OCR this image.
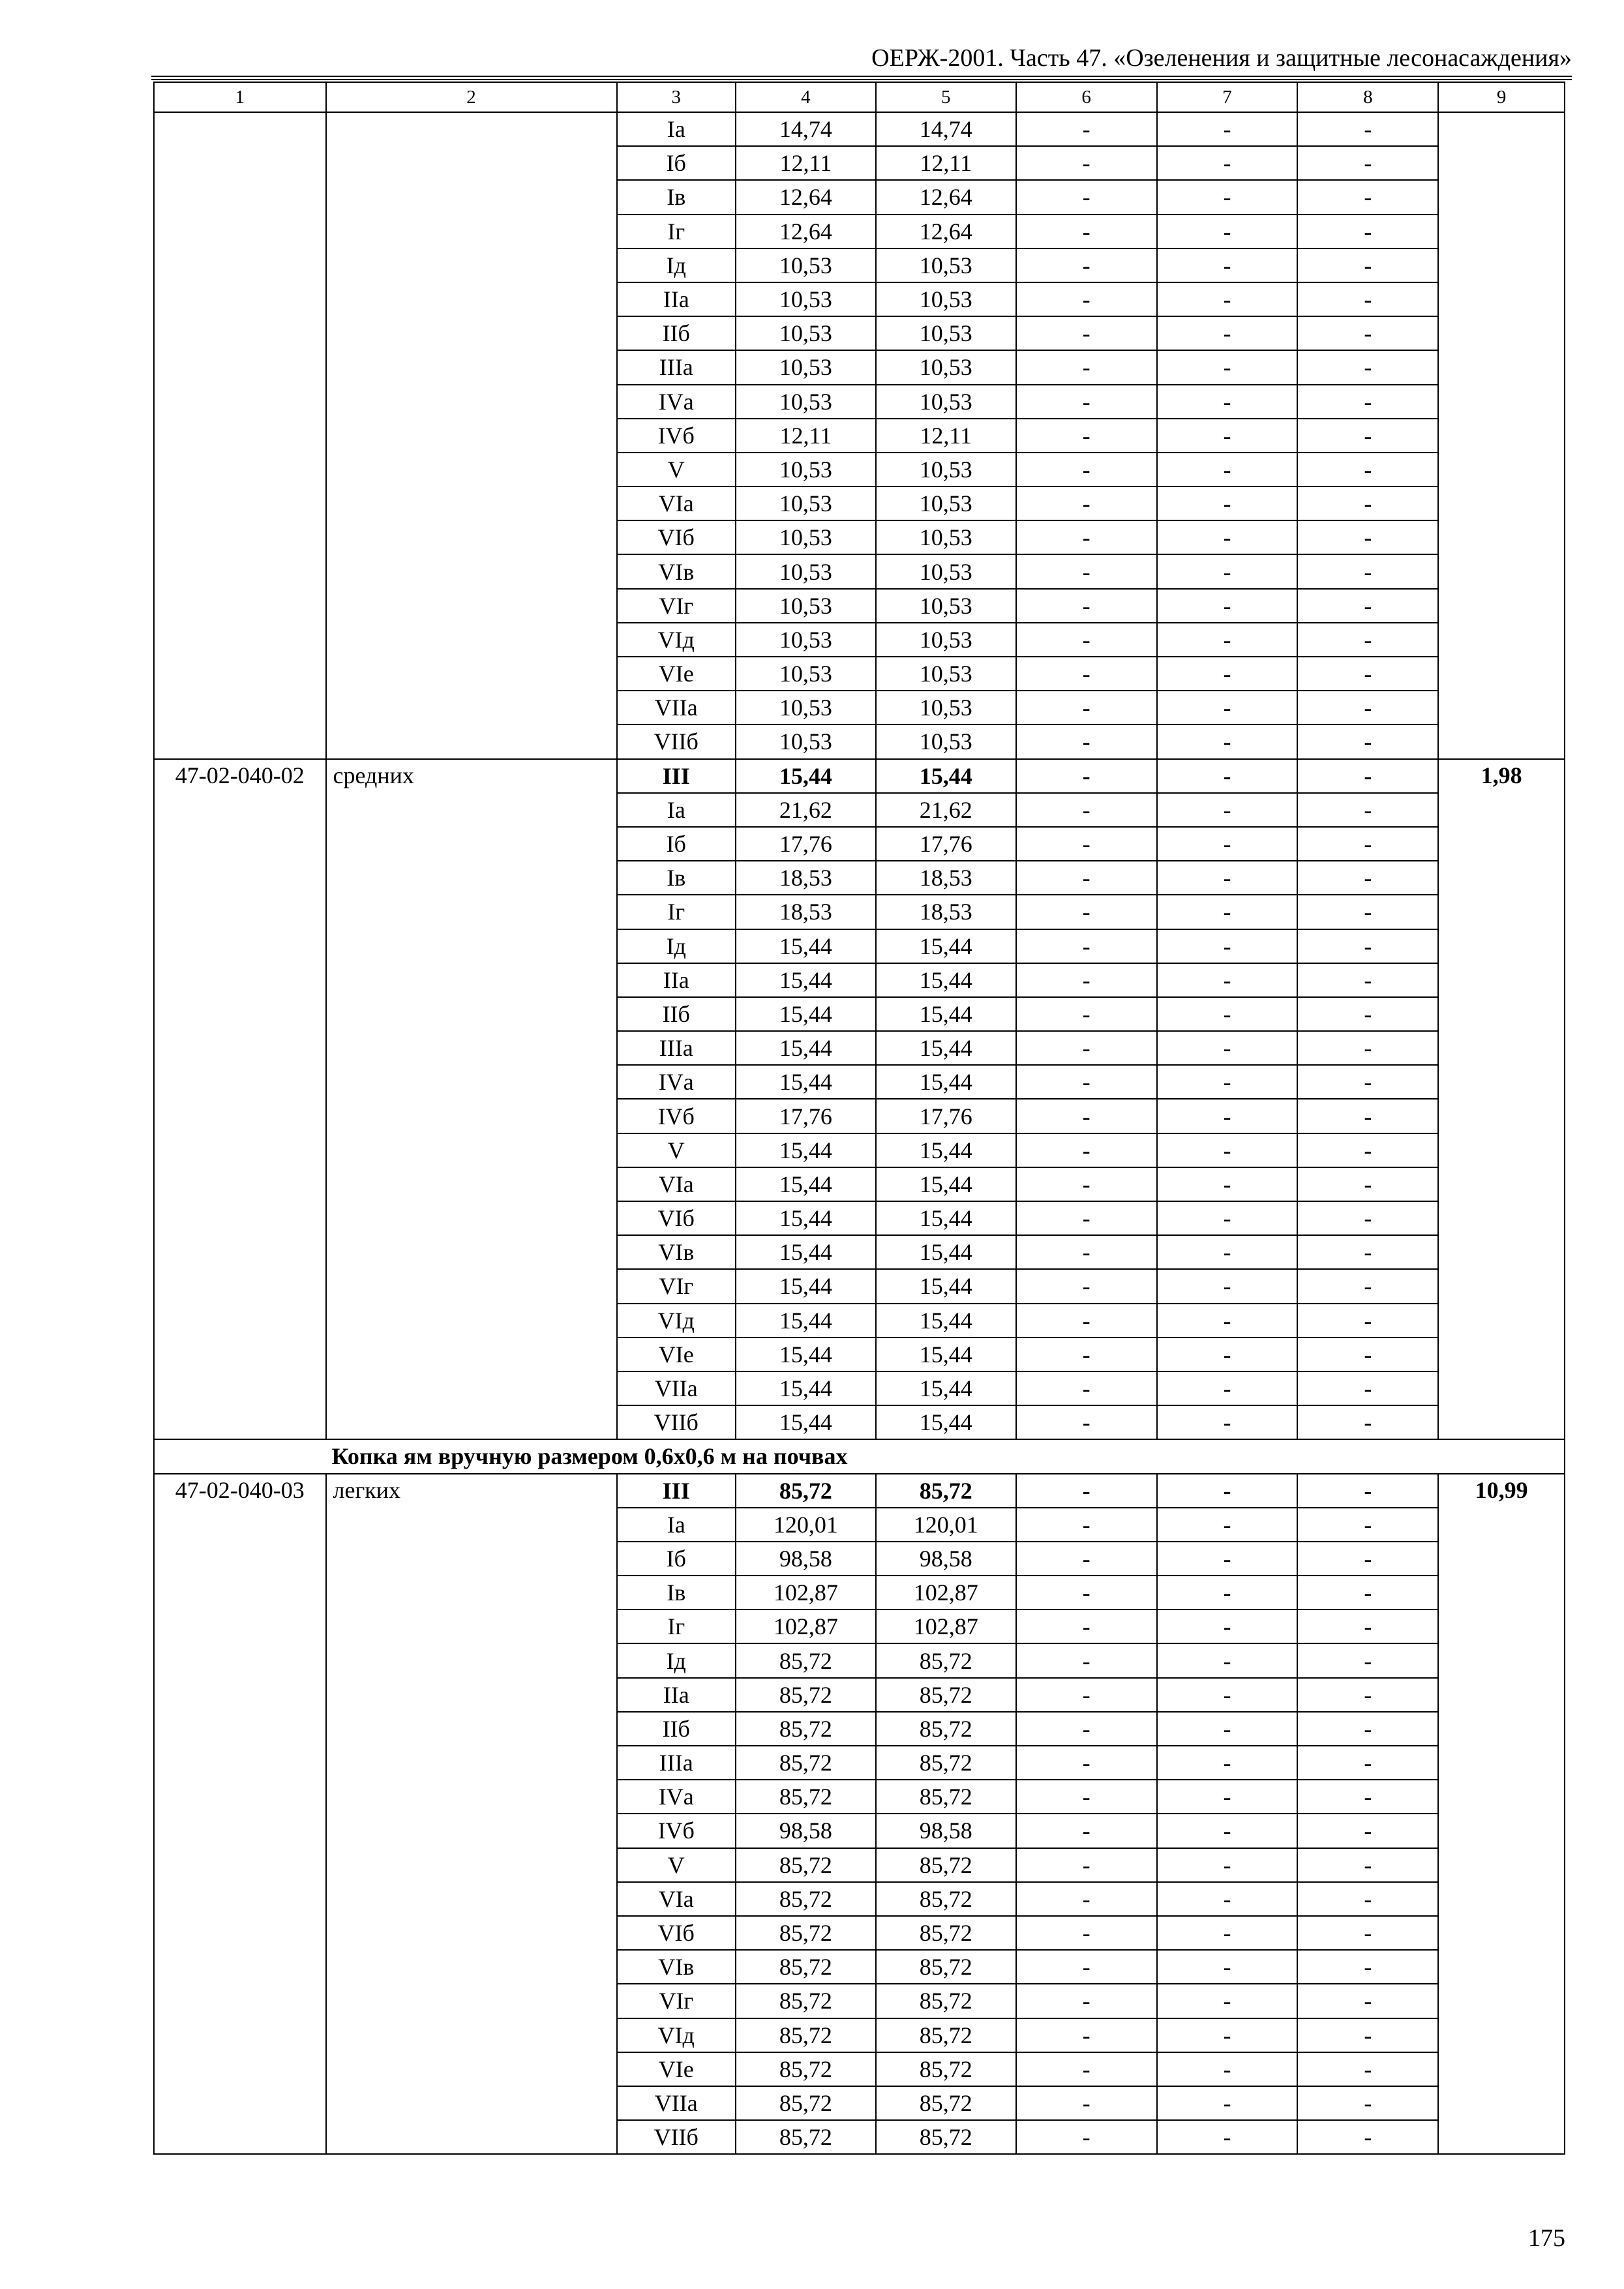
ОЕРЖ-2001. Часть 47. «Озеленения и защитные лесонасаждения»
1	2	3	4	5	6	7	8	9
		Iа	14,74	14,74	-	-	-	
		Iб	12,11	12,11	-	-	-	
		Iв	12,64	12,64	-	-	-	
		Iг	12,64	12,64	-	-	-	
		Iд	10,53	10,53	-	-	-	
		IIа	10,53	10,53	-	-	-	
		IIб	10,53	10,53	-	-	-	
		IIIа	10,53	10,53	-	-	-	
		IVа	10,53	10,53	-	-	-	
		IVб	12,11	12,11	-	-	-	
		V	10,53	10,53	-	-	-	
		VIа	10,53	10,53	-	-	-	
		VIб	10,53	10,53	-	-	-	
		VIв	10,53	10,53	-	-	-	
		VIг	10,53	10,53	-	-	-	
		VIд	10,53	10,53	-	-	-	
		VIе	10,53	10,53	-	-	-	
		VIIа	10,53	10,53	-	-	-	
		VIIб	10,53	10,53	-	-	-	
47-02-040-02	средних	III	15,44	15,44	-	-	-	1,98
		Iа	21,62	21,62	-	-	-	
		Iб	17,76	17,76	-	-	-	
		Iв	18,53	18,53	-	-	-	
		Iг	18,53	18,53	-	-	-	
		Iд	15,44	15,44	-	-	-	
		IIа	15,44	15,44	-	-	-	
		IIб	15,44	15,44	-	-	-	
		IIIа	15,44	15,44	-	-	-	
		IVа	15,44	15,44	-	-	-	
		IVб	17,76	17,76	-	-	-	
		V	15,44	15,44	-	-	-	
		VIа	15,44	15,44	-	-	-	
		VIб	15,44	15,44	-	-	-	
		VIв	15,44	15,44	-	-	-	
		VIг	15,44	15,44	-	-	-	
		VIд	15,44	15,44	-	-	-	
		VIе	15,44	15,44	-	-	-	
		VIIа	15,44	15,44	-	-	-	
		VIIб	15,44	15,44	-	-	-	
	Копка ям вручную размером 0,6х0,6 м на почвах							
47-02-040-03	легких	III	85,72	85,72	-	-	-	10,99
		Iа	120,01	120,01	-	-	-	
		Iб	98,58	98,58	-	-	-	
		Iв	102,87	102,87	-	-	-	
		Iг	102,87	102,87	-	-	-	
		Iд	85,72	85,72	-	-	-	
		IIа	85,72	85,72	-	-	-	
		IIб	85,72	85,72	-	-	-	
		IIIа	85,72	85,72	-	-	-	
		IVа	85,72	85,72	-	-	-	
		IVб	98,58	98,58	-	-	-	
		V	85,72	85,72	-	-	-	
		VIа	85,72	85,72	-	-	-	
		VIб	85,72	85,72	-	-	-	
		VIв	85,72	85,72	-	-	-	
		VIг	85,72	85,72	-	-	-	
		VIд	85,72	85,72	-	-	-	
		VIе	85,72	85,72	-	-	-	
		VIIа	85,72	85,72	-	-	-	
		VIIб	85,72	85,72	-	-	-	
175
